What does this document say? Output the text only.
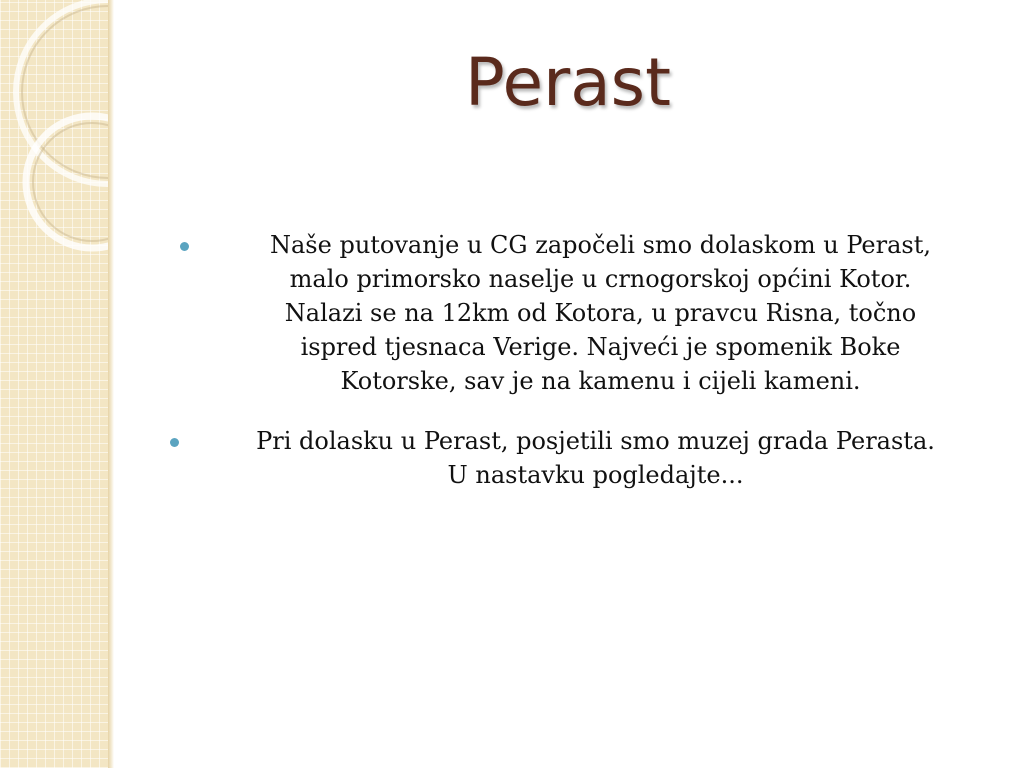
Perast

Naše putovanje u CG započeli smo dolaskom u Perast,
malo primorsko naselje u crnogorskoj općini Kotor.
Nalazi se na 12km od Kotora, u pravcu Risna, točno
ispred tjesnaca Verige. Najveći je spomenik Boke
Kotorske, sav je na kamenu i cijeli kameni.

Pri dolasku u Perast, posjetili smo muzej grada Perasta.
U nastavku pogledajte...
